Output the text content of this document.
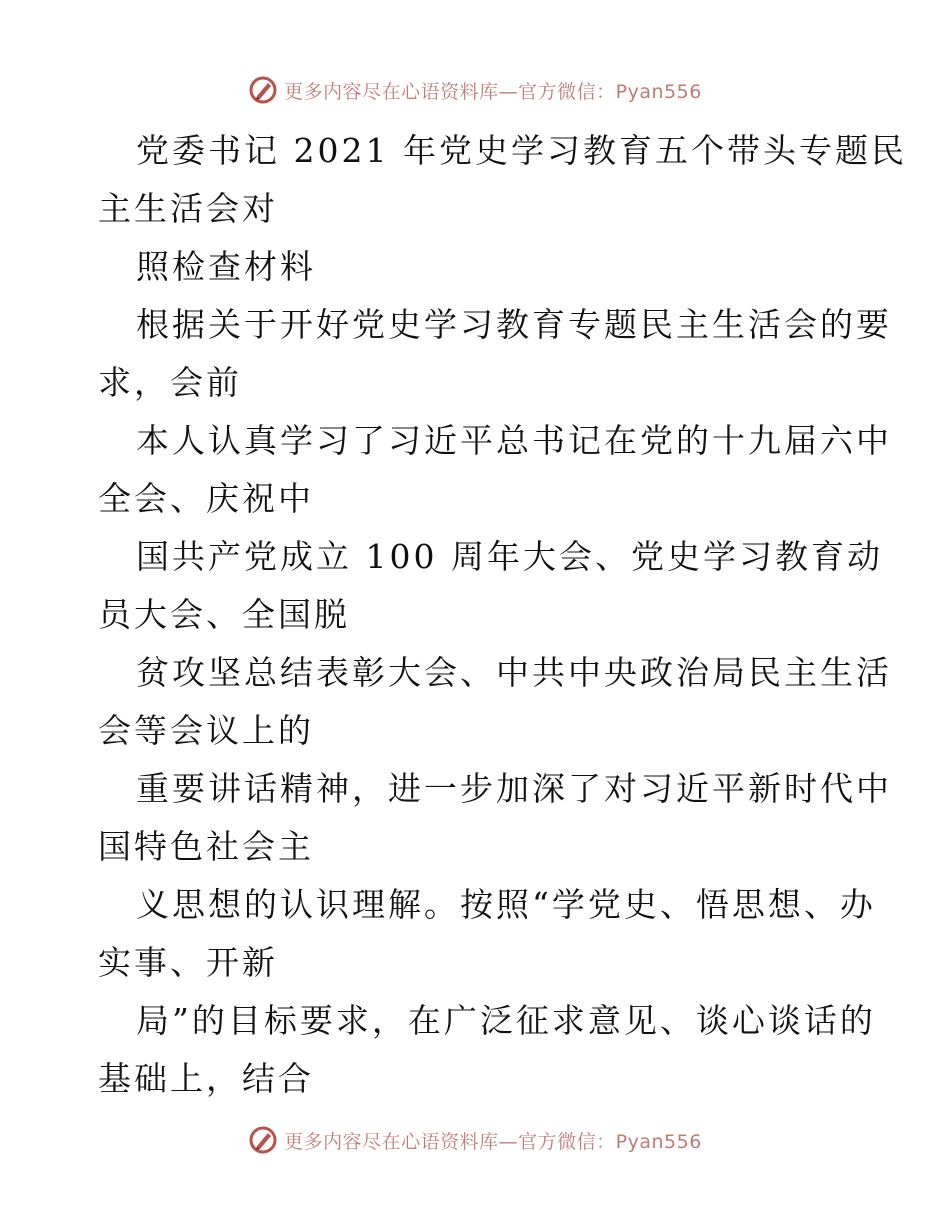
更多内容尽在心语资料库—官方微信：Pyan556
党委书记 2021 年党史学习教育五个带头专题民
主生活会对
照检查材料
根据关于开好党史学习教育专题民主生活会的要
求，会前
本人认真学习了习近平总书记在党的十九届六中
全会、庆祝中
国共产党成立 100 周年大会、党史学习教育动
员大会、全国脱
贫攻坚总结表彰大会、中共中央政治局民主生活
会等会议上的
重要讲话精神，进一步加深了对习近平新时代中
国特色社会主
义思想的认识理解。按照“学党史、悟思想、办
实事、开新
局”的目标要求，在广泛征求意见、谈心谈话的
基础上，结合
更多内容尽在心语资料库—官方微信：Pyan556
